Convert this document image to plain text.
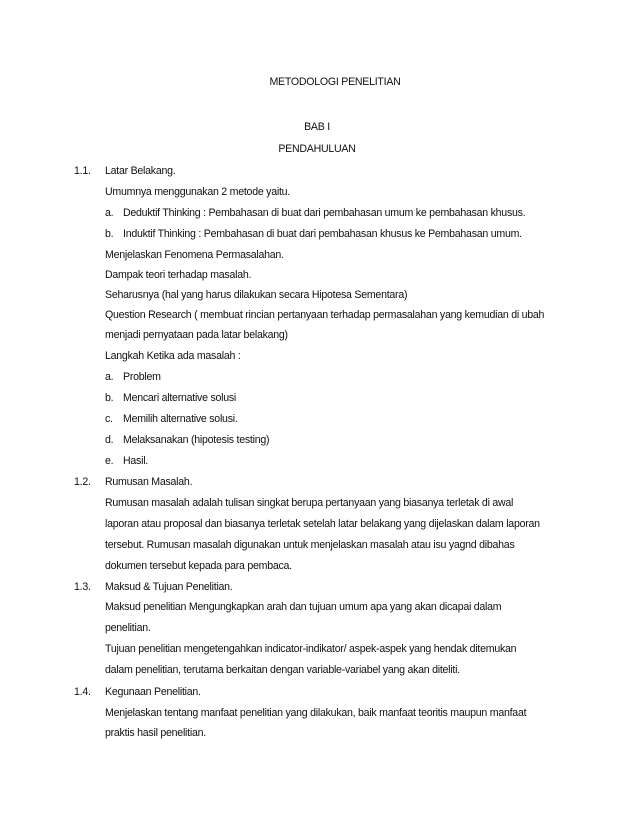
METODOLOGI PENELITIAN
BAB I
PENDAHULUAN
1.1. Latar Belakang.
Umumnya menggunakan 2 metode yaitu.
a. Deduktif Thinking : Pembahasan di buat dari pembahasan umum ke pembahasan khusus.
b. Induktif Thinking : Pembahasan di buat dari pembahasan khusus ke Pembahasan umum.
Menjelaskan Fenomena Permasalahan.
Dampak teori terhadap masalah.
Seharusnya (hal yang harus dilakukan secara Hipotesa Sementara)
Question Research ( membuat rincian pertanyaan terhadap permasalahan yang kemudian di ubah
menjadi pernyataan pada latar belakang)
Langkah Ketika ada masalah :
a. Problem
b. Mencari alternative solusi
c. Memilih alternative solusi.
d. Melaksanakan (hipotesis testing)
e. Hasil.
1.2. Rumusan Masalah.
Rumusan masalah adalah tulisan singkat berupa pertanyaan yang biasanya terletak di awal
laporan atau proposal dan biasanya terletak setelah latar belakang yang dijelaskan dalam laporan
tersebut. Rumusan masalah digunakan untuk menjelaskan masalah atau isu yagnd dibahas
dokumen tersebut kepada para pembaca.
1.3. Maksud & Tujuan Penelitian.
Maksud penelitian Mengungkapkan arah dan tujuan umum apa yang akan dicapai dalam
penelitian.
Tujuan penelitian mengetengahkan indicator-indikator/ aspek-aspek yang hendak ditemukan
dalam penelitian, terutama berkaitan dengan variable-variabel yang akan diteliti.
1.4. Kegunaan Penelitian.
Menjelaskan tentang manfaat penelitian yang dilakukan, baik manfaat teoritis maupun manfaat
praktis hasil penelitian.
